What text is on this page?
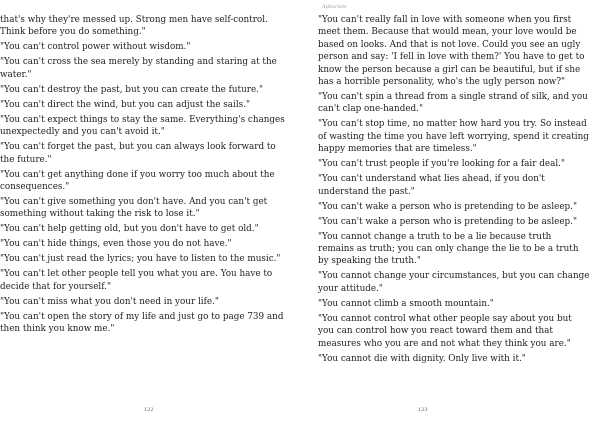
that's why they're messed up. Strong men have self-control. Think before you do something."

"You can't control power without wisdom."

"You can't cross the sea merely by standing and staring at the water."

"You can't destroy the past, but you can create the future."

"You can't direct the wind, but you can adjust the sails."

"You can't expect things to stay the same. Everything's changes unexpectedly and you can't avoid it."

"You can't forget the past, but you can always look forward to the future."

"You can't get anything done if you worry too much about the consequences."

"You can't give something you don't have. And you can't get something without taking the risk to lose it."

"You can't help getting old, but you don't have to get old."

"You can't hide things, even those you do not have."

"You can't just read the lyrics; you have to listen to the music."

"You can't let other people tell you what you are. You have to decide that for yourself."

"You can't miss what you don't need in your life."

"You can't open the story of my life and just go to page 739 and then think you know me."

122
Aphorism

"You can't really fall in love with someone when you first meet them. Because that would mean, your love would be based on looks. And that is not love. Could you see an ugly person and say: 'I fell in love with them?' You have to get to know the person because a girl can be beautiful, but if she has a horrible personality, who's the ugly person now?"

"You can't spin a thread from a single strand of silk, and you can't clap one-handed."

"You can't stop time, no matter how hard you try. So instead of wasting the time you have left worrying, spend it creating happy memories that are timeless."

"You can't trust people if you're looking for a fair deal."

"You can't understand what lies ahead, if you don't understand the past."

"You can't wake a person who is pretending to be asleep."

"You can't wake a person who is pretending to be asleep."

"You cannot change a truth to be a lie because truth remains as truth; you can only change the lie to be a truth by speaking the truth."

"You cannot change your circumstances, but you can change your attitude."

"You cannot climb a smooth mountain."

"You cannot control what other people say about you but you can control how you react toward them and that measures who you are and not what they think you are."

"You cannot die with dignity. Only live with it."

123
